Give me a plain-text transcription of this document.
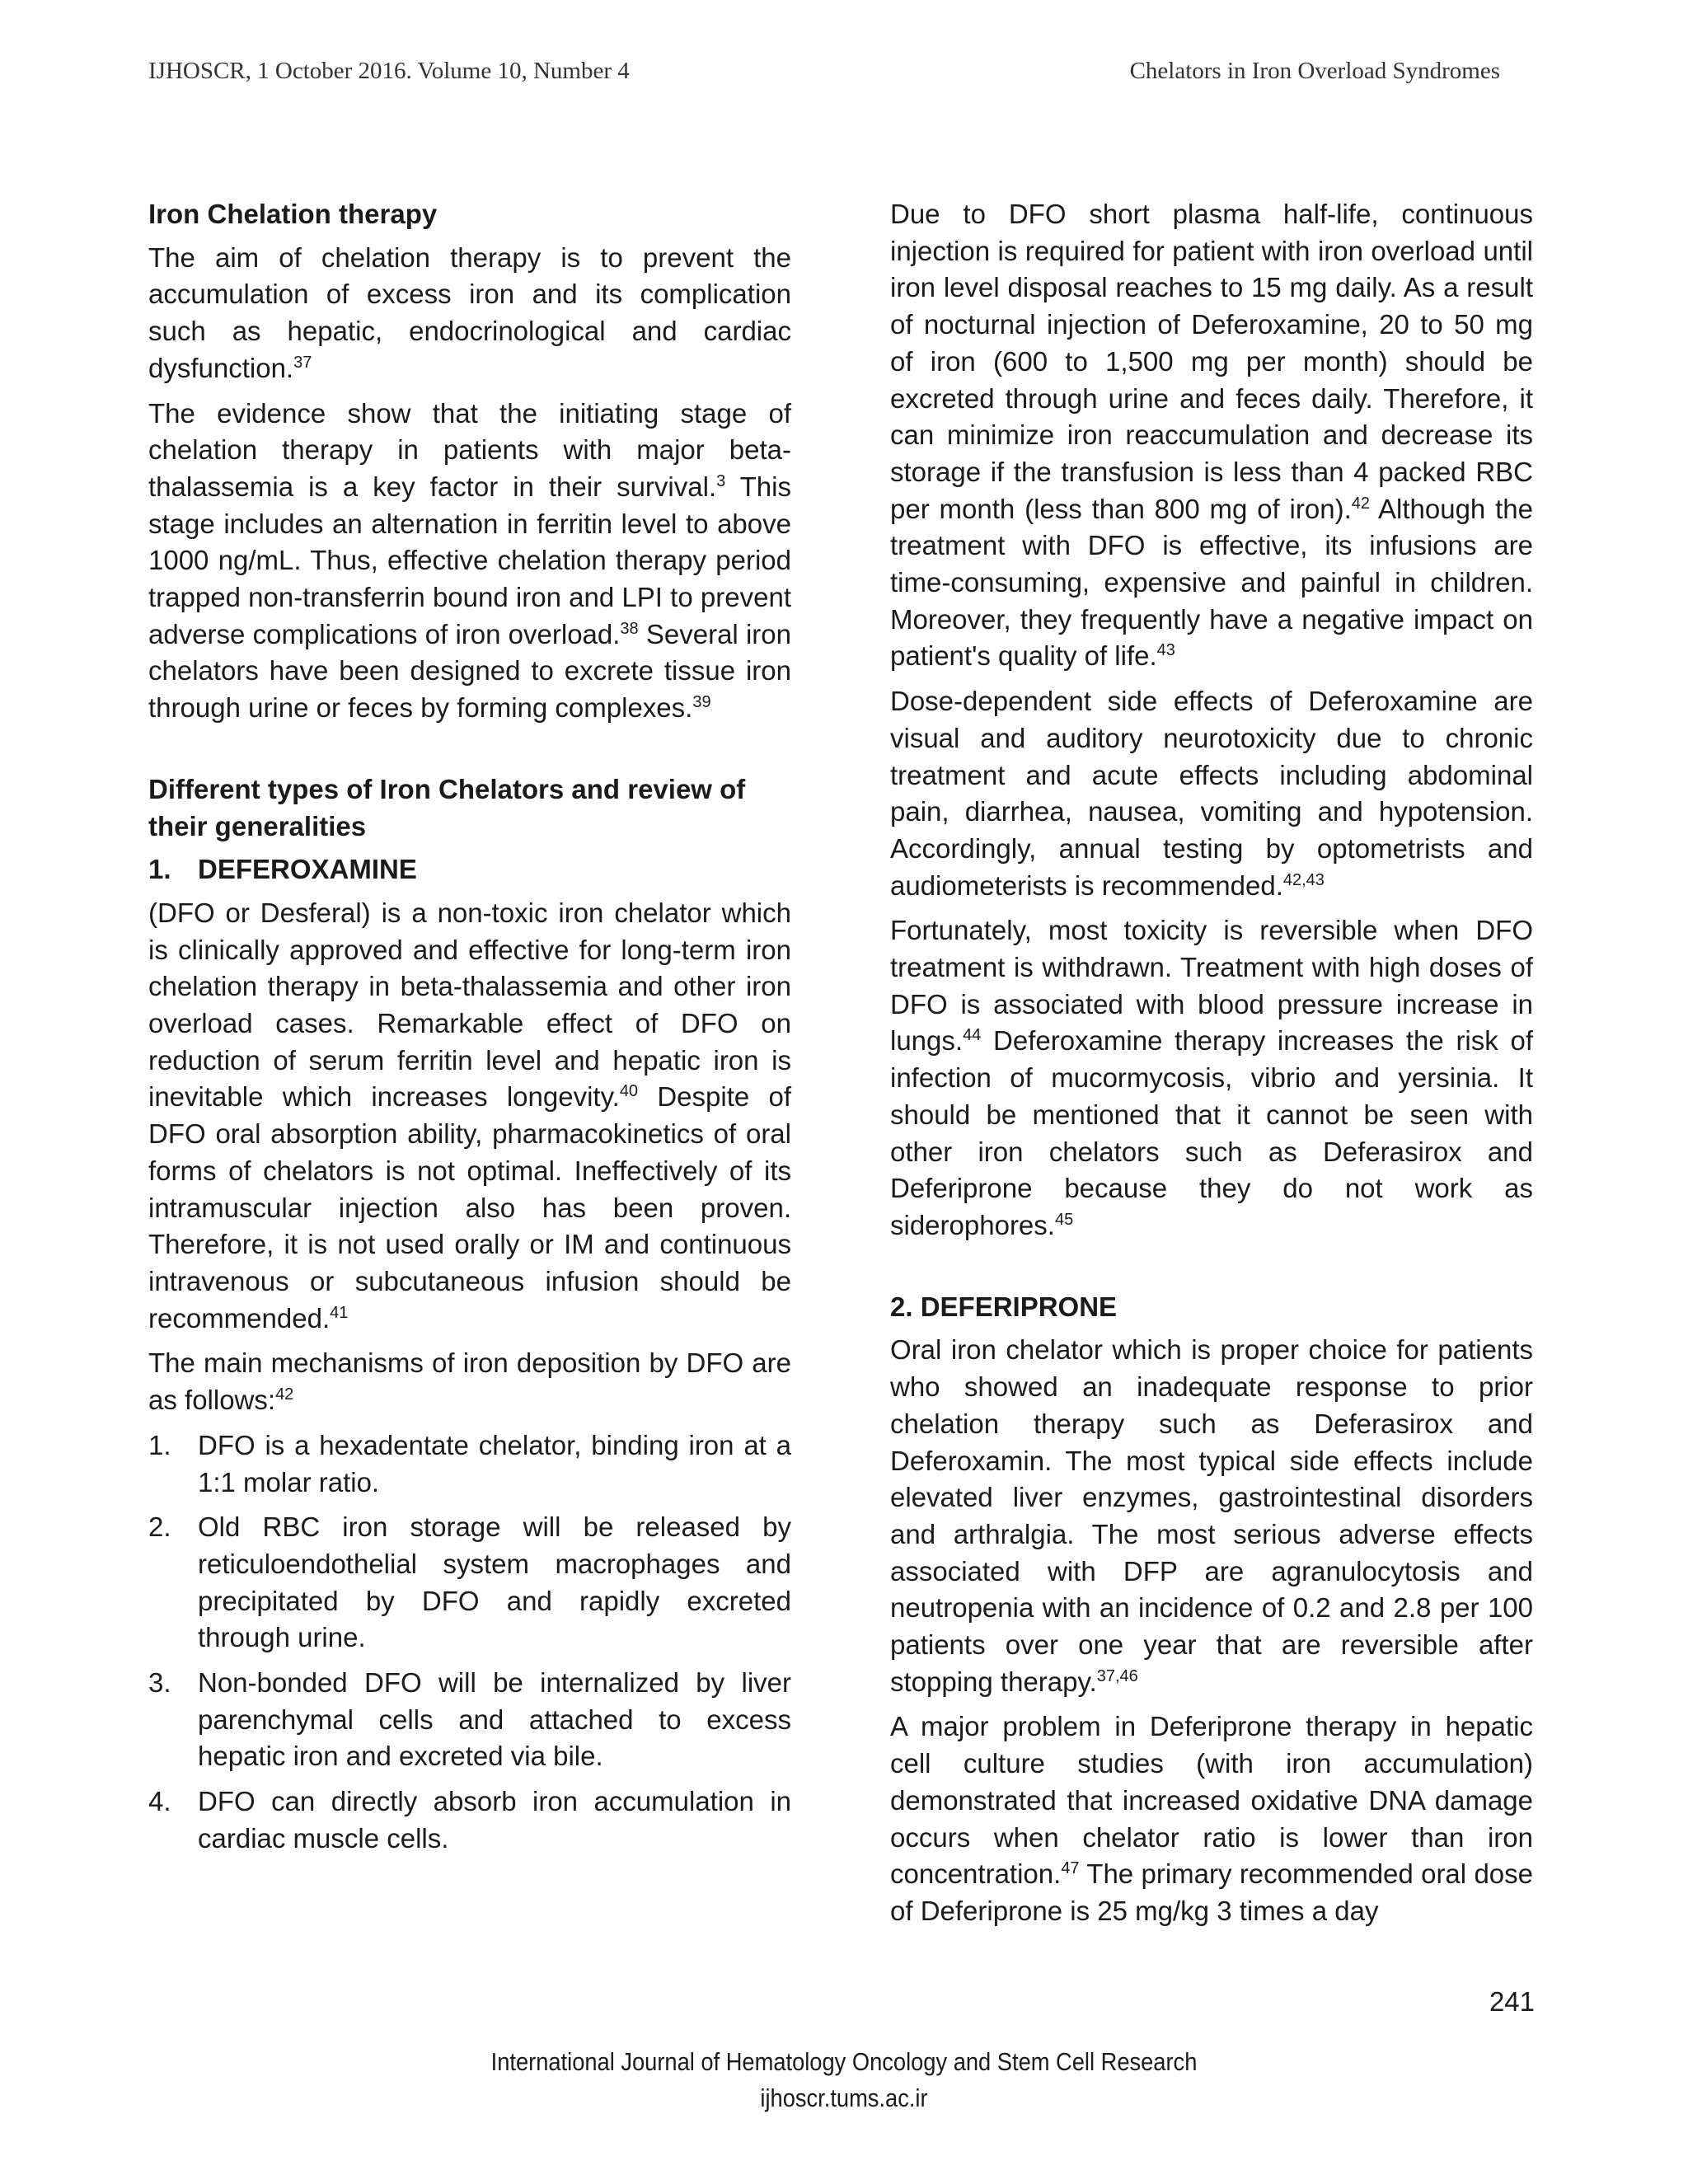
IJHOSCR, 1 October 2016. Volume 10, Number 4	Chelators in Iron Overload Syndromes
Iron Chelation therapy

The aim of chelation therapy is to prevent the accumulation of excess iron and its complication such as hepatic, endocrinological and cardiac dysfunction.$^{37}$

The evidence show that the initiating stage of chelation therapy in patients with major beta-thalassemia is a key factor in their survival.$^3$ This stage includes an alternation in ferritin level to above 1000 ng/mL. Thus, effective chelation therapy period trapped non-transferrin bound iron and LPI to prevent adverse complications of iron overload.$^{38}$ Several iron chelators have been designed to excrete tissue iron through urine or feces by forming complexes.$^{39}$

Different types of Iron Chelators and review of their generalities
1. DEFEROXAMINE

(DFO or Desferal) is a non-toxic iron chelator which is clinically approved and effective for long-term iron chelation therapy in beta-thalassemia and other iron overload cases. Remarkable effect of DFO on reduction of serum ferritin level and hepatic iron is inevitable which increases longevity.$^{40}$ Despite of DFO oral absorption ability, pharmacokinetics of oral forms of chelators is not optimal. Ineffectively of its intramuscular injection also has been proven. Therefore, it is not used orally or IM and continuous intravenous or subcutaneous infusion should be recommended.$^{41}$

The main mechanisms of iron deposition by DFO are as follows:$^{42}$

1. DFO is a hexadentate chelator, binding iron at a 1:1 molar ratio.
2. Old RBC iron storage will be released by reticuloendothelial system macrophages and precipitated by DFO and rapidly excreted through urine.
3. Non-bonded DFO will be internalized by liver parenchymal cells and attached to excess hepatic iron and excreted via bile.
4. DFO can directly absorb iron accumulation in cardiac muscle cells.

Due to DFO short plasma half-life, continuous injection is required for patient with iron overload until iron level disposal reaches to 15 mg daily. As a result of nocturnal injection of Deferoxamine, 20 to 50 mg of iron (600 to 1,500 mg per month) should be excreted through urine and feces daily. Therefore, it can minimize iron reaccumulation and decrease its storage if the transfusion is less than 4 packed RBC per month (less than 800 mg of iron).$^{42}$ Although the treatment with DFO is effective, its infusions are time-consuming, expensive and painful in children. Moreover, they frequently have a negative impact on patient's quality of life.$^{43}$

Dose-dependent side effects of Deferoxamine are visual and auditory neurotoxicity due to chronic treatment and acute effects including abdominal pain, diarrhea, nausea, vomiting and hypotension. Accordingly, annual testing by optometrists and audiometerists is recommended.$^{42,43}$

Fortunately, most toxicity is reversible when DFO treatment is withdrawn. Treatment with high doses of DFO is associated with blood pressure increase in lungs.$^{44}$ Deferoxamine therapy increases the risk of infection of mucormycosis, vibrio and yersinia. It should be mentioned that it cannot be seen with other iron chelators such as Deferasirox and Deferiprone because they do not work as siderophores.$^{45}$

2. DEFERIPRONE

Oral iron chelator which is proper choice for patients who showed an inadequate response to prior chelation therapy such as Deferasirox and Deferoxamin. The most typical side effects include elevated liver enzymes, gastrointestinal disorders and arthralgia. The most serious adverse effects associated with DFP are agranulocytosis and neutropenia with an incidence of 0.2 and 2.8 per 100 patients over one year that are reversible after stopping therapy.$^{37,46}$

A major problem in Deferiprone therapy in hepatic cell culture studies (with iron accumulation) demonstrated that increased oxidative DNA damage occurs when chelator ratio is lower than iron concentration.$^{47}$ The primary recommended oral dose of Deferiprone is 25 mg/kg 3 times a day

241
International Journal of Hematology Oncology and Stem Cell Research
ijhoscr.tums.ac.ir
